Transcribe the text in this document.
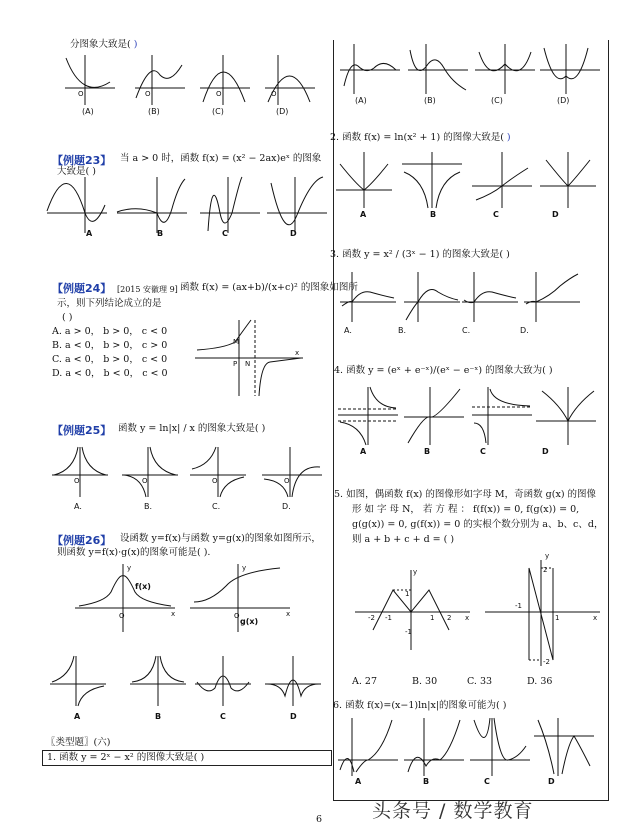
分图象大致是( )
O	O	O	O
(A)	(B)	(C)	(D)
【例题23】 当 a > 0 时，函数 f(x) = (x² − 2ax)eˣ 的图象
大致是( )
A	B	C	D
【例题24】 [2015 安徽理 9] 函数 f(x) = (ax+b)/(x+c)² 的图象如图所
示，则下列结论成立的是
( )
A. a > 0， b > 0， c < 0
B. a < 0， b > 0， c > 0
C. a < 0， b > 0， c < 0
D. a < 0， b < 0， c < 0
M
N
P
x
【例题25】 函数 y = ln|x| / x 的图象大致是( )
O	O	O	O
A.	B.	C.	D.
【例题26】 设函数 y=f(x)与函数 y=g(x)的图象如图所示，
则函数 y=f(x)·g(x)的图象可能是( ).
O	x
y
O	x
y
f(x)
g(x)
A	B	C	D
〖类型题〗(六)
1. 函数 y = 2ˣ − x² 的图像大致是( )
(A)	(B)	(C)	(D)
2. 函数 f(x) = ln(x² + 1) 的图像大致是( )
A	B	C	D
3. 函数 y = x² / (3ˣ − 1) 的图象大致是( )
A.	B.	C.	D.
4. 函数 y = (eˣ + e⁻ˣ)/(eˣ − e⁻ˣ) 的图象大致为( )
A	B	C	D
5. 如图，偶函数 f(x) 的图像形如字母 M，奇函数 g(x) 的图像
形 如 字 母 N， 若 方 程 ： f(f(x)) = 0, f(g(x)) = 0,
g(g(x)) = 0, g(f(x)) = 0 的实根个数分别为 a、b、c、d，
则 a + b + c + d = ( )
-2 -1	1 2
1
-1
x
y	2
-2
-1
1	x
y
A. 27	B. 30	C. 33	D. 36
6. 函数 f(x)=(x−1)ln|x|的图象可能为( )
A	B	C	D
6	头条号 / 数学教育
